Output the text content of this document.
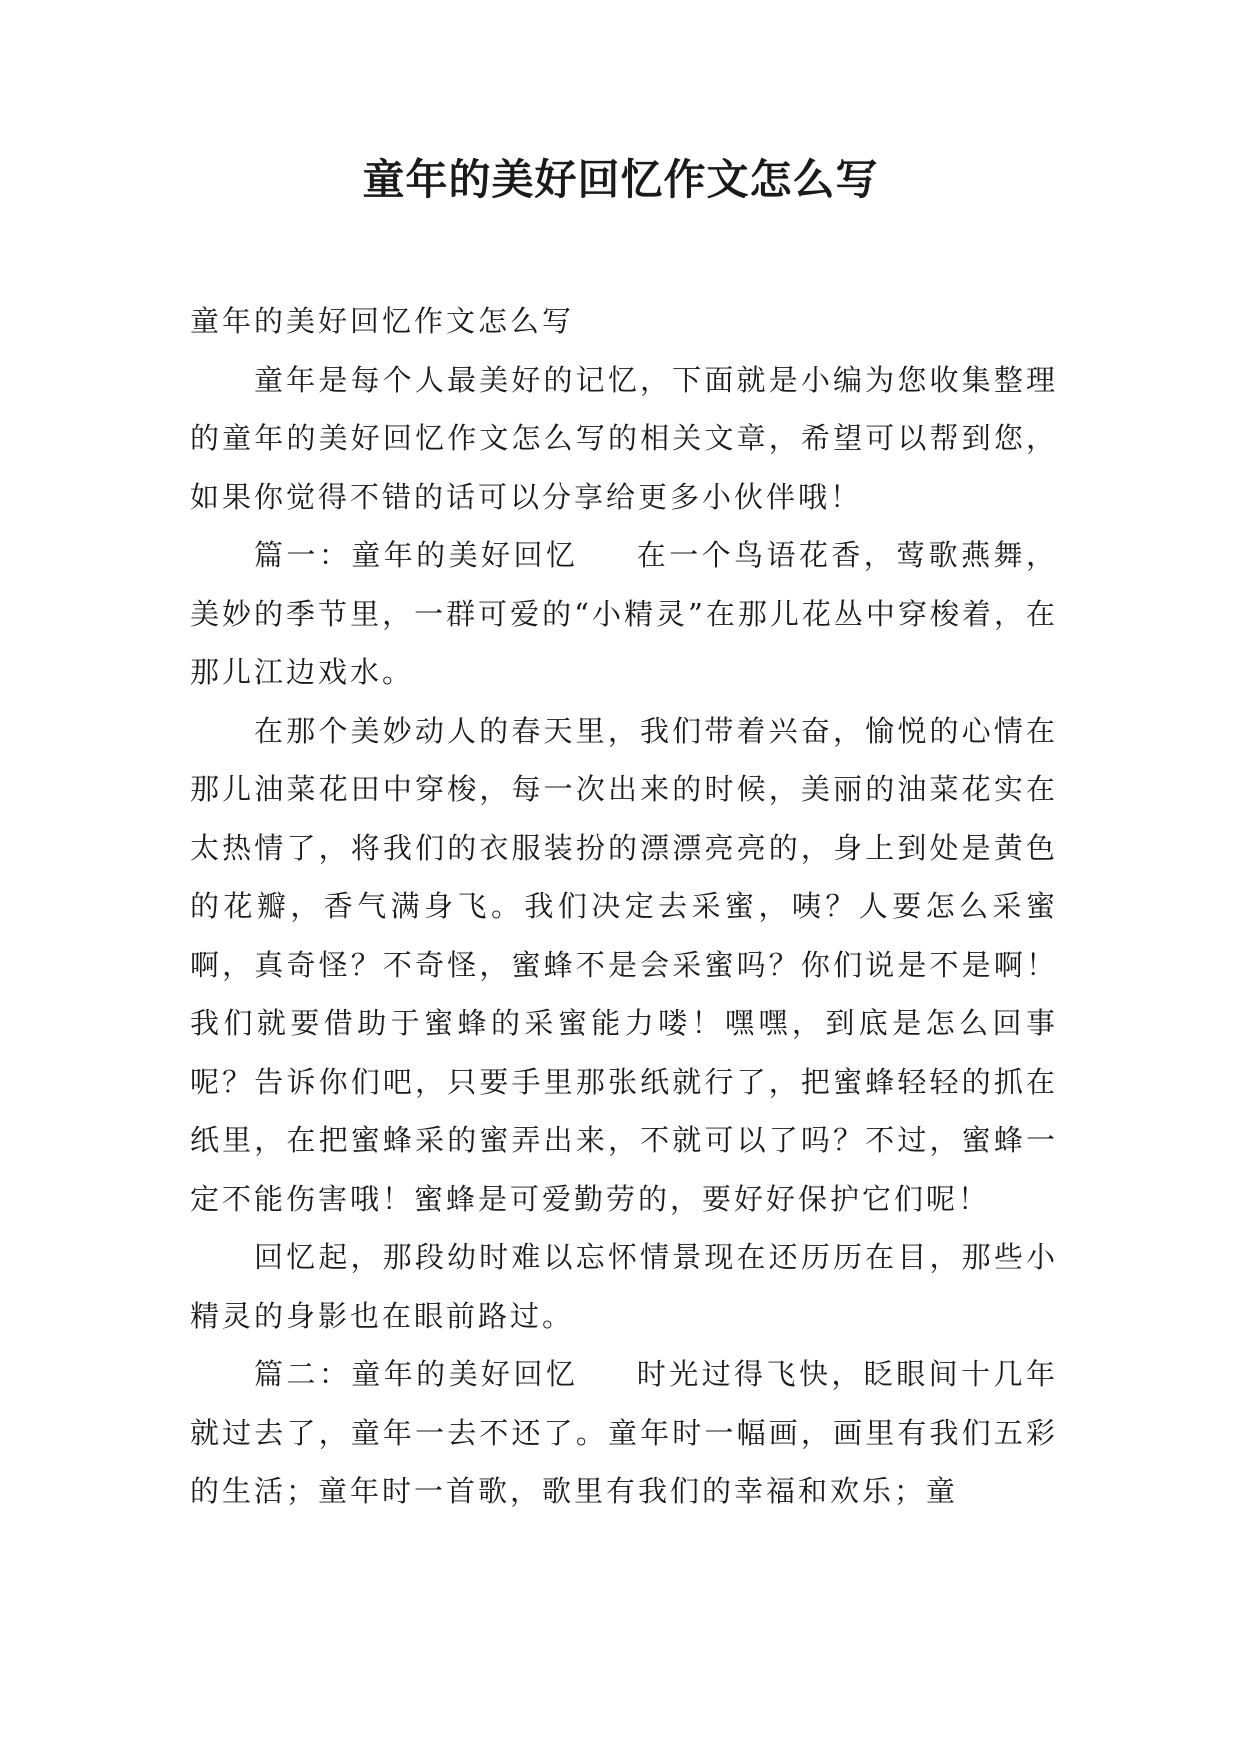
童年的美好回忆作文怎么写

童年的美好回忆作文怎么写

童年是每个人最美好的记忆，下面就是小编为您收集整理的童年的美好回忆作文怎么写的相关文章，希望可以帮到您，如果你觉得不错的话可以分享给更多小伙伴哦！

篇一：童年的美好回忆 在一个鸟语花香，莺歌燕舞，美妙的季节里，一群可爱的“小精灵”在那儿花丛中穿梭着，在那儿江边戏水。

在那个美妙动人的春天里，我们带着兴奋，愉悦的心情在那儿油菜花田中穿梭，每一次出来的时候，美丽的油菜花实在太热情了，将我们的衣服装扮的漂漂亮亮的，身上到处是黄色的花瓣，香气满身飞。我们决定去采蜜，咦？人要怎么采蜜啊，真奇怪？不奇怪，蜜蜂不是会采蜜吗？你们说是不是啊！我们就要借助于蜜蜂的采蜜能力喽！嘿嘿，到底是怎么回事呢？告诉你们吧，只要手里那张纸就行了，把蜜蜂轻轻的抓在纸里，在把蜜蜂采的蜜弄出来，不就可以了吗？不过，蜜蜂一定不能伤害哦！蜜蜂是可爱勤劳的，要好好保护它们呢！

回忆起，那段幼时难以忘怀情景现在还历历在目，那些小精灵的身影也在眼前路过。

篇二：童年的美好回忆 时光过得飞快，眨眼间十几年就过去了，童年一去不还了。童年时一幅画，画里有我们五彩的生活；童年时一首歌，歌里有我们的幸福和欢乐；童
